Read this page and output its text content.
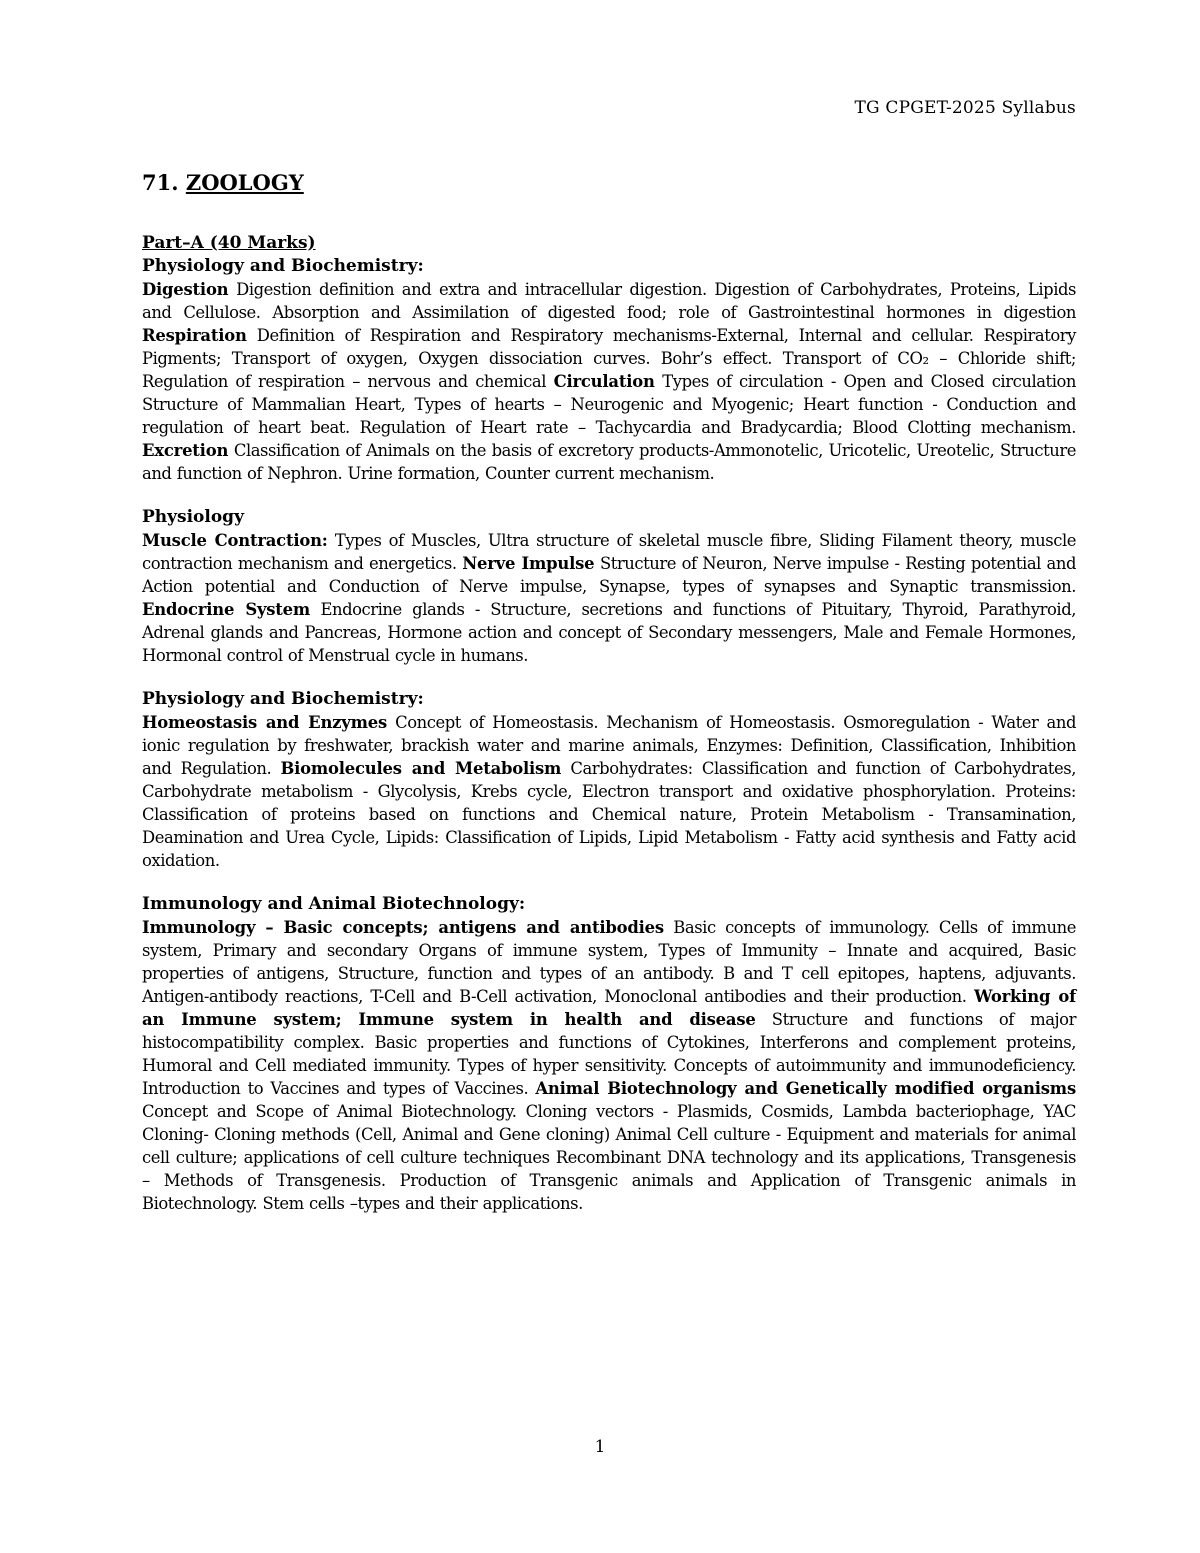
TG CPGET-2025 Syllabus
71. ZOOLOGY

Part–A (40 Marks)

Physiology and Biochemistry:

Digestion Digestion definition and extra and intracellular digestion. Digestion of Carbohydrates, Proteins, Lipids and Cellulose. Absorption and Assimilation of digested food; role of Gastrointestinal hormones in digestion Respiration Definition of Respiration and Respiratory mechanisms-External, Internal and cellular. Respiratory Pigments; Transport of oxygen, Oxygen dissociation curves. Bohr’s effect. Transport of CO₂ – Chloride shift; Regulation of respiration – nervous and chemical Circulation Types of circulation - Open and Closed circulation Structure of Mammalian Heart, Types of hearts – Neurogenic and Myogenic; Heart function - Conduction and regulation of heart beat. Regulation of Heart rate – Tachycardia and Bradycardia; Blood Clotting mechanism. Excretion Classification of Animals on the basis of excretory products-Ammonotelic, Uricotelic, Ureotelic, Structure and function of Nephron. Urine formation, Counter current mechanism.

Physiology

Muscle Contraction: Types of Muscles, Ultra structure of skeletal muscle fibre, Sliding Filament theory, muscle contraction mechanism and energetics. Nerve Impulse Structure of Neuron, Nerve impulse - Resting potential and Action potential and Conduction of Nerve impulse, Synapse, types of synapses and Synaptic transmission. Endocrine System Endocrine glands - Structure, secretions and functions of Pituitary, Thyroid, Parathyroid, Adrenal glands and Pancreas, Hormone action and concept of Secondary messengers, Male and Female Hormones, Hormonal control of Menstrual cycle in humans.

Physiology and Biochemistry:

Homeostasis and Enzymes Concept of Homeostasis. Mechanism of Homeostasis. Osmoregulation - Water and ionic regulation by freshwater, brackish water and marine animals, Enzymes: Definition, Classification, Inhibition and Regulation. Biomolecules and Metabolism Carbohydrates: Classification and function of Carbohydrates, Carbohydrate metabolism - Glycolysis, Krebs cycle, Electron transport and oxidative phosphorylation. Proteins: Classification of proteins based on functions and Chemical nature, Protein Metabolism - Transamination, Deamination and Urea Cycle, Lipids: Classification of Lipids, Lipid Metabolism - Fatty acid synthesis and Fatty acid oxidation.

Immunology and Animal Biotechnology:

Immunology – Basic concepts; antigens and antibodies Basic concepts of immunology. Cells of immune system, Primary and secondary Organs of immune system, Types of Immunity – Innate and acquired, Basic properties of antigens, Structure, function and types of an antibody. B and T cell epitopes, haptens, adjuvants. Antigen-antibody reactions, T-Cell and B-Cell activation, Monoclonal antibodies and their production. Working of an Immune system; Immune system in health and disease Structure and functions of major histocompatibility complex. Basic properties and functions of Cytokines, Interferons and complement proteins, Humoral and Cell mediated immunity. Types of hyper sensitivity. Concepts of autoimmunity and immunodeficiency. Introduction to Vaccines and types of Vaccines. Animal Biotechnology and Genetically modified organisms Concept and Scope of Animal Biotechnology. Cloning vectors - Plasmids, Cosmids, Lambda bacteriophage, YAC Cloning- Cloning methods (Cell, Animal and Gene cloning) Animal Cell culture - Equipment and materials for animal cell culture; applications of cell culture techniques Recombinant DNA technology and its applications, Transgenesis – Methods of Transgenesis. Production of Transgenic animals and Application of Transgenic animals in Biotechnology. Stem cells –types and their applications.

1
